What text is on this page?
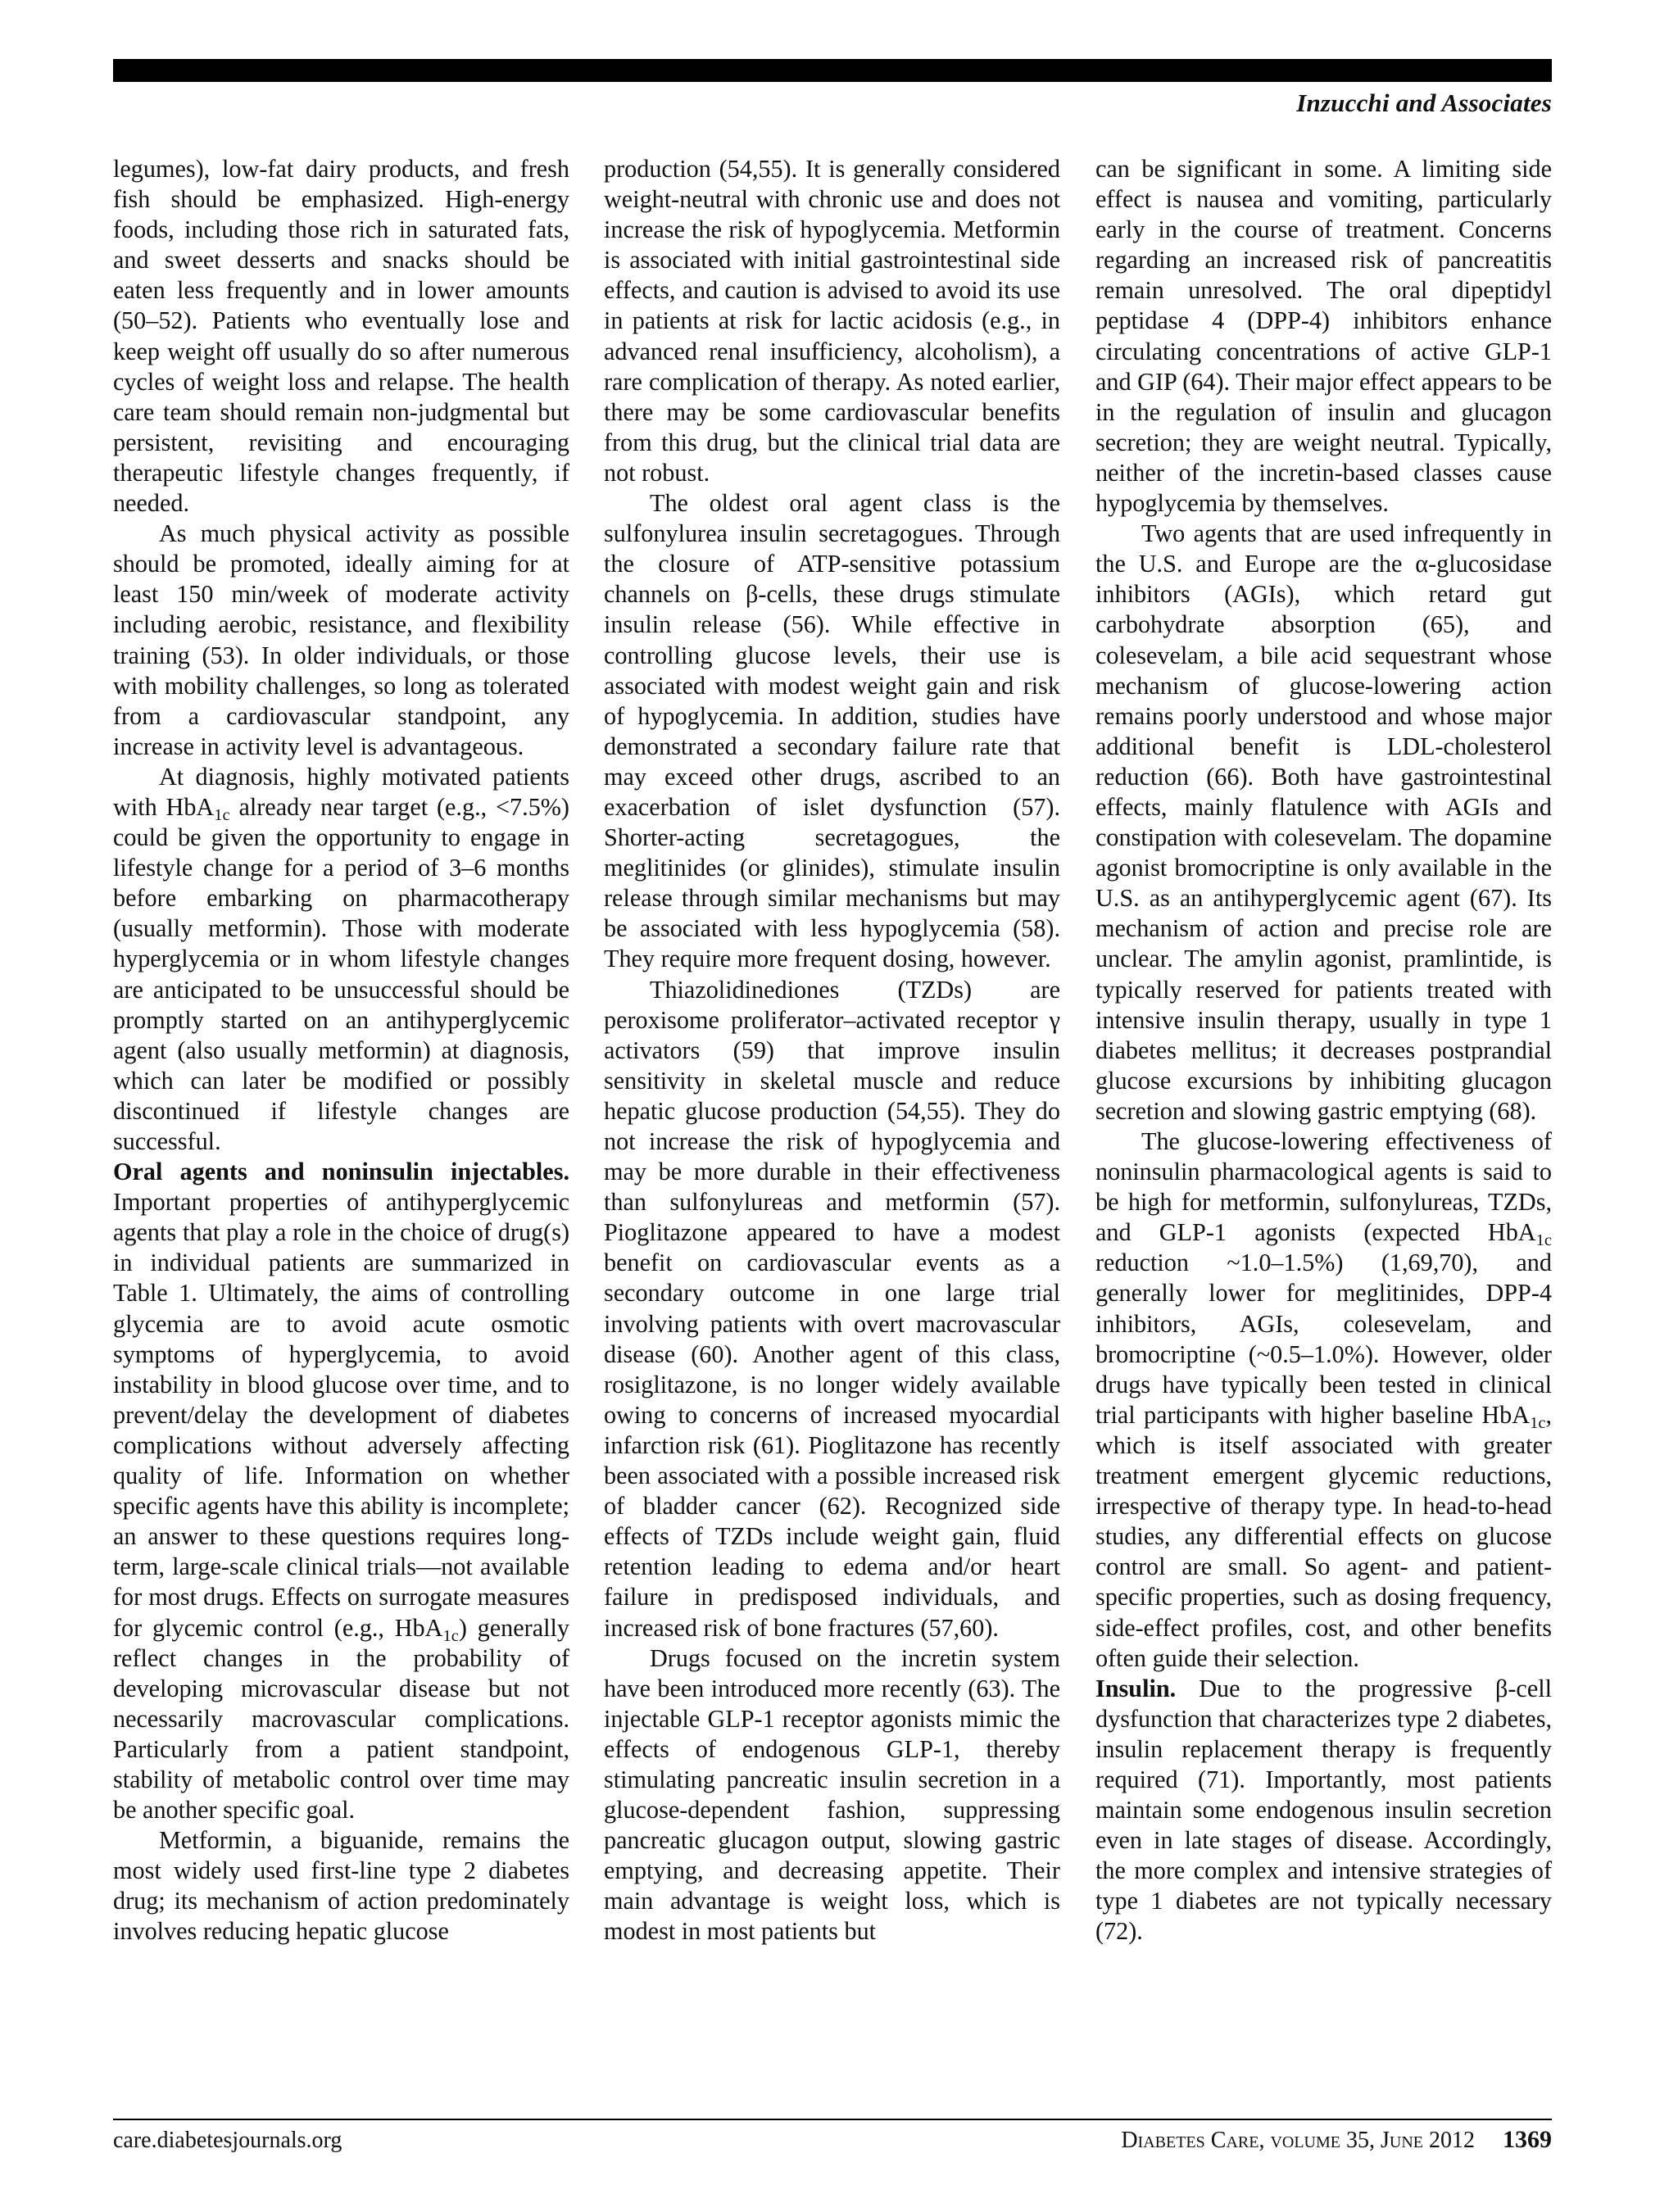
Inzucchi and Associates

legumes), low-fat dairy products, and fresh fish should be emphasized. High-energy foods, including those rich in saturated fats, and sweet desserts and snacks should be eaten less frequently and in lower amounts (50–52). Patients who eventually lose and keep weight off usually do so after numerous cycles of weight loss and relapse. The health care team should remain non-judgmental but persistent, revisiting and encouraging therapeutic lifestyle changes frequently, if needed.

As much physical activity as possible should be promoted, ideally aiming for at least 150 min/week of moderate activity including aerobic, resistance, and flexibility training (53). In older individuals, or those with mobility challenges, so long as tolerated from a cardiovascular standpoint, any increase in activity level is advantageous.

At diagnosis, highly motivated patients with HbA$_{1c}$ already near target (e.g., <7.5%) could be given the opportunity to engage in lifestyle change for a period of 3–6 months before embarking on pharmacotherapy (usually metformin). Those with moderate hyperglycemia or in whom lifestyle changes are anticipated to be unsuccessful should be promptly started on an antihyperglycemic agent (also usually metformin) at diagnosis, which can later be modified or possibly discontinued if lifestyle changes are successful.

Oral agents and noninsulin injectables. Important properties of antihyperglycemic agents that play a role in the choice of drug(s) in individual patients are summarized in Table 1. Ultimately, the aims of controlling glycemia are to avoid acute osmotic symptoms of hyperglycemia, to avoid instability in blood glucose over time, and to prevent/delay the development of diabetes complications without adversely affecting quality of life. Information on whether specific agents have this ability is incomplete; an answer to these questions requires long-term, large-scale clinical trials—not available for most drugs. Effects on surrogate measures for glycemic control (e.g., HbA$_{1c}$) generally reflect changes in the probability of developing microvascular disease but not necessarily macrovascular complications. Particularly from a patient standpoint, stability of metabolic control over time may be another specific goal.

Metformin, a biguanide, remains the most widely used first-line type 2 diabetes drug; its mechanism of action predominately involves reducing hepatic glucose

production (54,55). It is generally considered weight-neutral with chronic use and does not increase the risk of hypoglycemia. Metformin is associated with initial gastrointestinal side effects, and caution is advised to avoid its use in patients at risk for lactic acidosis (e.g., in advanced renal insufficiency, alcoholism), a rare complication of therapy. As noted earlier, there may be some cardiovascular benefits from this drug, but the clinical trial data are not robust.

The oldest oral agent class is the sulfonylurea insulin secretagogues. Through the closure of ATP-sensitive potassium channels on β-cells, these drugs stimulate insulin release (56). While effective in controlling glucose levels, their use is associated with modest weight gain and risk of hypoglycemia. In addition, studies have demonstrated a secondary failure rate that may exceed other drugs, ascribed to an exacerbation of islet dysfunction (57). Shorter-acting secretagogues, the meglitinides (or glinides), stimulate insulin release through similar mechanisms but may be associated with less hypoglycemia (58). They require more frequent dosing, however.

Thiazolidinediones (TZDs) are peroxisome proliferator–activated receptor γ activators (59) that improve insulin sensitivity in skeletal muscle and reduce hepatic glucose production (54,55). They do not increase the risk of hypoglycemia and may be more durable in their effectiveness than sulfonylureas and metformin (57). Pioglitazone appeared to have a modest benefit on cardiovascular events as a secondary outcome in one large trial involving patients with overt macrovascular disease (60). Another agent of this class, rosiglitazone, is no longer widely available owing to concerns of increased myocardial infarction risk (61). Pioglitazone has recently been associated with a possible increased risk of bladder cancer (62). Recognized side effects of TZDs include weight gain, fluid retention leading to edema and/or heart failure in predisposed individuals, and increased risk of bone fractures (57,60).

Drugs focused on the incretin system have been introduced more recently (63). The injectable GLP-1 receptor agonists mimic the effects of endogenous GLP-1, thereby stimulating pancreatic insulin secretion in a glucose-dependent fashion, suppressing pancreatic glucagon output, slowing gastric emptying, and decreasing appetite. Their main advantage is weight loss, which is modest in most patients but

can be significant in some. A limiting side effect is nausea and vomiting, particularly early in the course of treatment. Concerns regarding an increased risk of pancreatitis remain unresolved. The oral dipeptidyl peptidase 4 (DPP-4) inhibitors enhance circulating concentrations of active GLP-1 and GIP (64). Their major effect appears to be in the regulation of insulin and glucagon secretion; they are weight neutral. Typically, neither of the incretin-based classes cause hypoglycemia by themselves.

Two agents that are used infrequently in the U.S. and Europe are the α-glucosidase inhibitors (AGIs), which retard gut carbohydrate absorption (65), and colesevelam, a bile acid sequestrant whose mechanism of glucose-lowering action remains poorly understood and whose major additional benefit is LDL-cholesterol reduction (66). Both have gastrointestinal effects, mainly flatulence with AGIs and constipation with colesevelam. The dopamine agonist bromocriptine is only available in the U.S. as an antihyperglycemic agent (67). Its mechanism of action and precise role are unclear. The amylin agonist, pramlintide, is typically reserved for patients treated with intensive insulin therapy, usually in type 1 diabetes mellitus; it decreases postprandial glucose excursions by inhibiting glucagon secretion and slowing gastric emptying (68).

The glucose-lowering effectiveness of noninsulin pharmacological agents is said to be high for metformin, sulfonylureas, TZDs, and GLP-1 agonists (expected HbA$_{1c}$ reduction ~1.0–1.5%) (1,69,70), and generally lower for meglitinides, DPP-4 inhibitors, AGIs, colesevelam, and bromocriptine (~0.5–1.0%). However, older drugs have typically been tested in clinical trial participants with higher baseline HbA$_{1c}$, which is itself associated with greater treatment emergent glycemic reductions, irrespective of therapy type. In head-to-head studies, any differential effects on glucose control are small. So agent- and patient-specific properties, such as dosing frequency, side-effect profiles, cost, and other benefits often guide their selection.

Insulin. Due to the progressive β-cell dysfunction that characterizes type 2 diabetes, insulin replacement therapy is frequently required (71). Importantly, most patients maintain some endogenous insulin secretion even in late stages of disease. Accordingly, the more complex and intensive strategies of type 1 diabetes are not typically necessary (72).

care.diabetesjournals.org	Diabetes Care, volume 35, June 2012 1369
